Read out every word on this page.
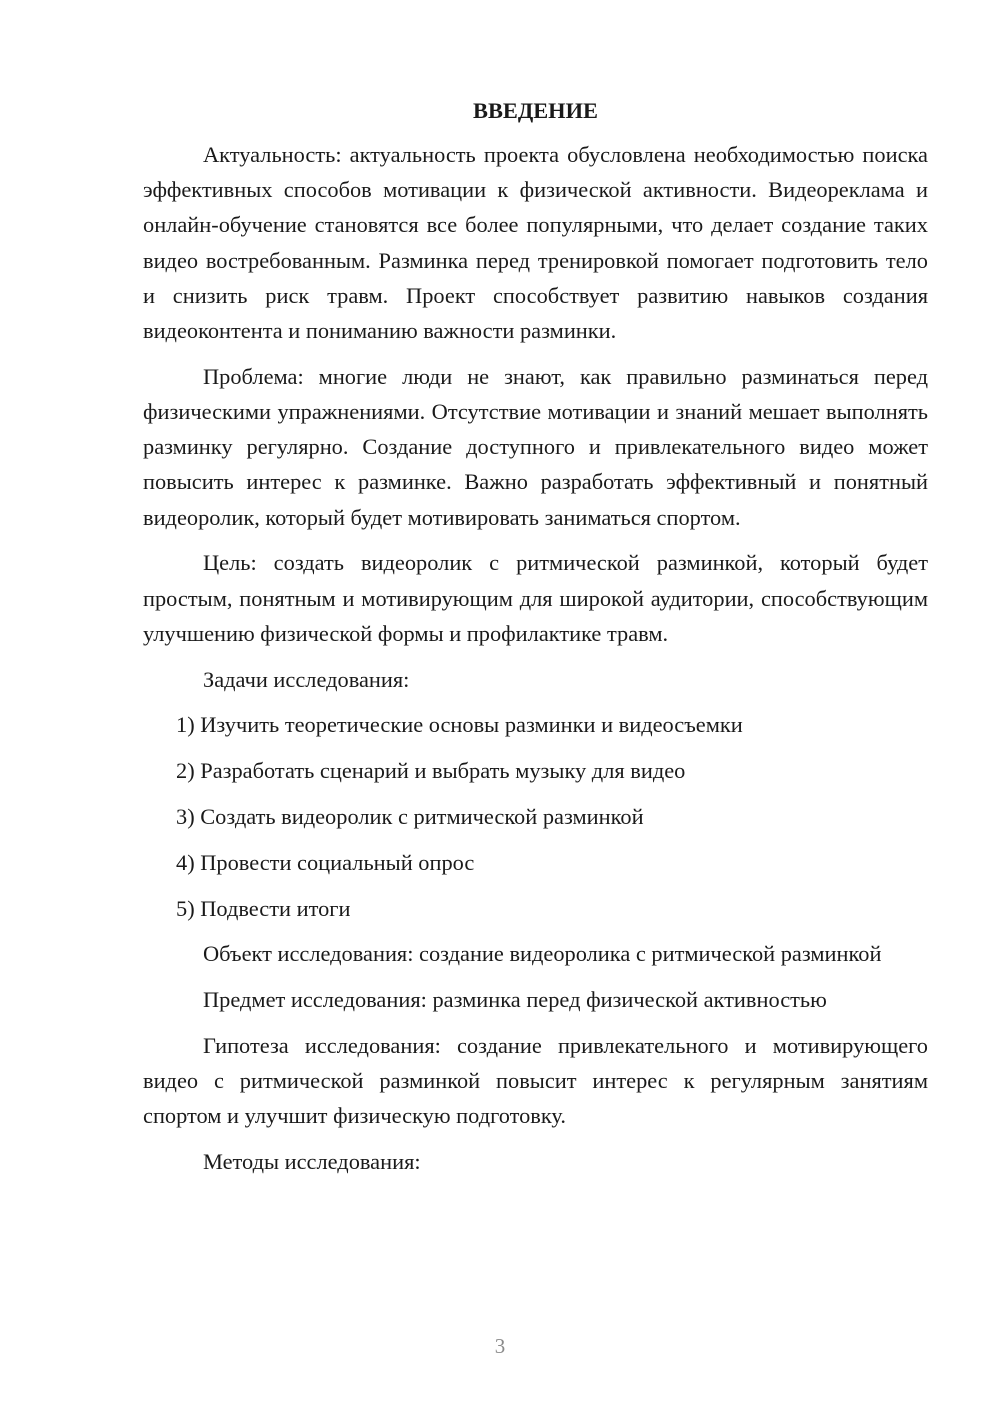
ВВЕДЕНИЕ

Актуальность: актуальность проекта обусловлена необходимостью поиска эффективных способов мотивации к физической активности. Видеореклама и онлайн-обучение становятся все более популярными, что делает создание таких видео востребованным. Разминка перед тренировкой помогает подготовить тело и снизить риск травм. Проект способствует развитию навыков создания видеоконтента и пониманию важности разминки.

Проблема: многие люди не знают, как правильно разминаться перед физическими упражнениями. Отсутствие мотивации и знаний мешает выполнять разминку регулярно. Создание доступного и привлекательного видео может повысить интерес к разминке. Важно разработать эффективный и понятный видеоролик, который будет мотивировать заниматься спортом.

Цель: создать видеоролик с ритмической разминкой, который будет простым, понятным и мотивирующим для широкой аудитории, способствующим улучшению физической формы и профилактике травм.

Задачи исследования:

1) Изучить теоретические основы разминки и видеосъемки
2) Разработать сценарий и выбрать музыку для видео
3) Создать видеоролик с ритмической разминкой
4) Провести социальный опрос
5) Подвести итоги

Объект исследования: создание видеоролика с ритмической разминкой

Предмет исследования: разминка перед физической активностью

Гипотеза исследования: создание привлекательного и мотивирующего видео с ритмической разминкой повысит интерес к регулярным занятиям спортом и улучшит физическую подготовку.

Методы исследования:

3
